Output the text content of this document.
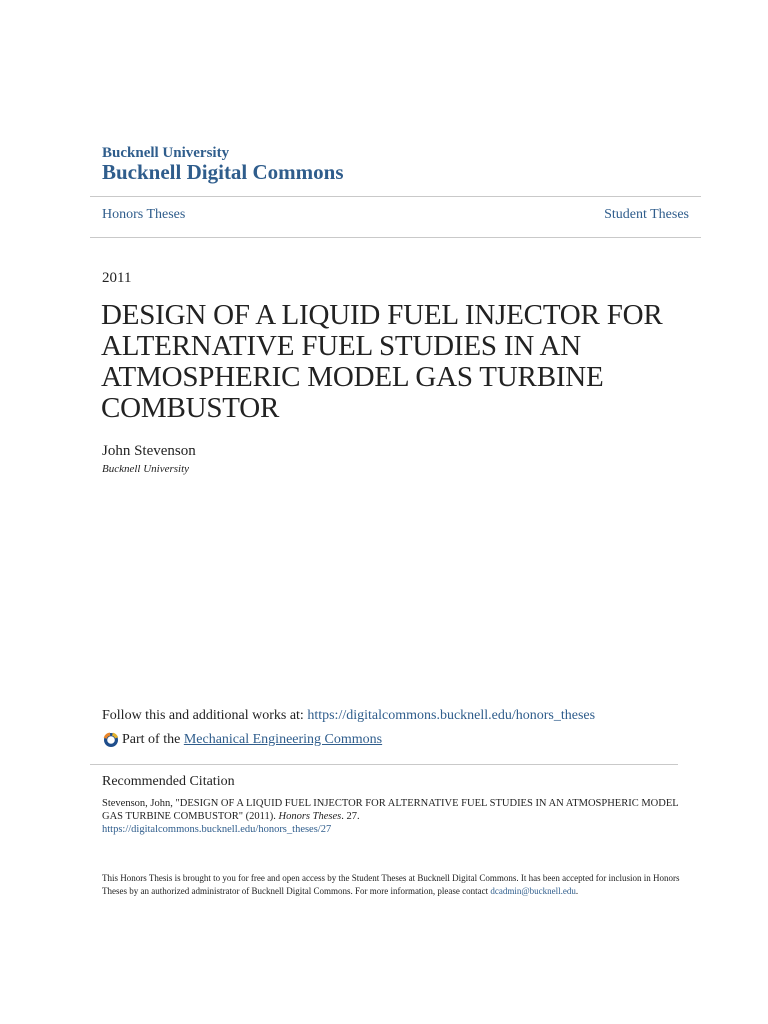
Bucknell University
Bucknell Digital Commons
Honors Theses	Student Theses
2011
DESIGN OF A LIQUID FUEL INJECTOR FOR ALTERNATIVE FUEL STUDIES IN AN ATMOSPHERIC MODEL GAS TURBINE COMBUSTOR
John Stevenson
Bucknell University
Follow this and additional works at: https://digitalcommons.bucknell.edu/honors_theses
Part of the
Mechanical Engineering Commons
Recommended Citation
Stevenson, John, "DESIGN OF A LIQUID FUEL INJECTOR FOR ALTERNATIVE FUEL STUDIES IN AN ATMOSPHERIC MODEL GAS TURBINE COMBUSTOR" (2011). Honors Theses. 27.
https://digitalcommons.bucknell.edu/honors_theses/27
This Honors Thesis is brought to you for free and open access by the Student Theses at Bucknell Digital Commons. It has been accepted for inclusion in Honors Theses by an authorized administrator of Bucknell Digital Commons. For more information, please contact dcadmin@bucknell.edu.
